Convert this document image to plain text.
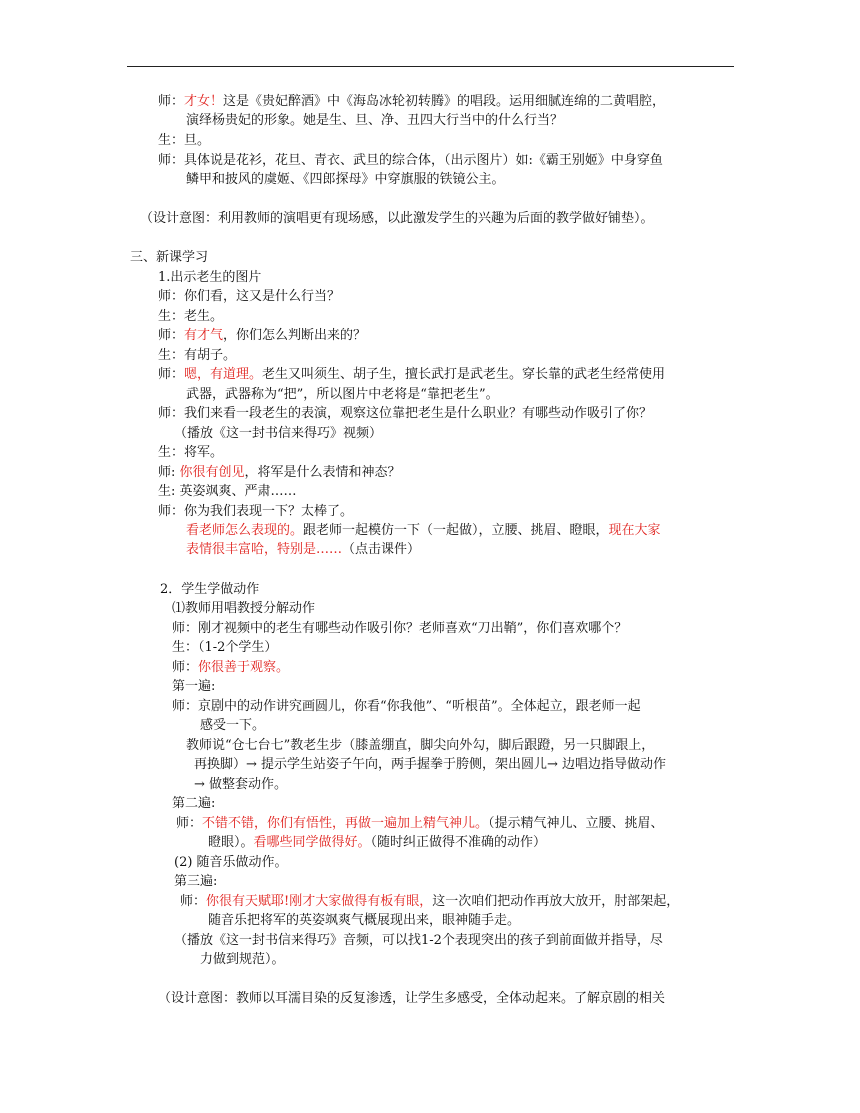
师：才女！这是《贵妃醉酒》中《海岛冰轮初转腾》的唱段。运用细腻连绵的二黄唱腔，
演绎杨贵妃的形象。她是生、旦、净、丑四大行当中的什么行当？
生：旦。
师：具体说是花衫，花旦、青衣、武旦的综合体，（出示图片）如:《霸王别姬》中身穿鱼
鳞甲和披风的虞姬、《四郎探母》中穿旗服的铁镜公主。
（设计意图：利用教师的演唱更有现场感，以此激发学生的兴趣为后面的教学做好铺垫）。
三、新课学习
1.出示老生的图片
师：你们看，这又是什么行当？
生：老生。
师：有才气，你们怎么判断出来的？
生：有胡子。
师：嗯，有道理。老生又叫须生、胡子生，擅长武打是武老生。穿长靠的武老生经常使用
武器，武器称为“把”，所以图片中老将是“靠把老生”。
师：我们来看一段老生的表演，观察这位靠把老生是什么职业？有哪些动作吸引了你？
（播放《这一封书信来得巧》视频）
生：将军。
师: 你很有创见，将军是什么表情和神态？
生: 英姿飒爽、严肃……
师：你为我们表现一下？太棒了。
看老师怎么表现的。跟老师一起模仿一下（一起做），立腰、挑眉、瞪眼，现在大家
表情很丰富哈，特别是……（点击课件）
2．学生学做动作
⑴教师用唱教授分解动作
师：刚才视频中的老生有哪些动作吸引你？老师喜欢“刀出鞘”，你们喜欢哪个？
生：（1-2个学生）
师：你很善于观察。
第一遍:
师：京剧中的动作讲究画圆儿，你看“你我他”、“听根苗”。全体起立，跟老师一起
感受一下。
教师说“仓七台七”教老生步（膝盖绷直，脚尖向外勾，脚后跟蹬，另一只脚跟上，
再换脚）→ 提示学生站姿子午向，两手握拳于胯侧，架出圆儿→ 边唱边指导做动作
→ 做整套动作。
第二遍:
师：不错不错，你们有悟性，再做一遍加上精气神儿。（提示精气神儿、立腰、挑眉、
瞪眼）。看哪些同学做得好。（随时纠正做得不准确的动作）
(2) 随音乐做动作。
第三遍:
师：你很有天赋耶!刚才大家做得有板有眼，这一次咱们把动作再放大放开，肘部架起，
随音乐把将军的英姿飒爽气概展现出来，眼神随手走。
（播放《这一封书信来得巧》音频，可以找1-2个表现突出的孩子到前面做并指导，尽
力做到规范）。
（设计意图：教师以耳濡目染的反复渗透，让学生多感受，全体动起来。了解京剧的相关
